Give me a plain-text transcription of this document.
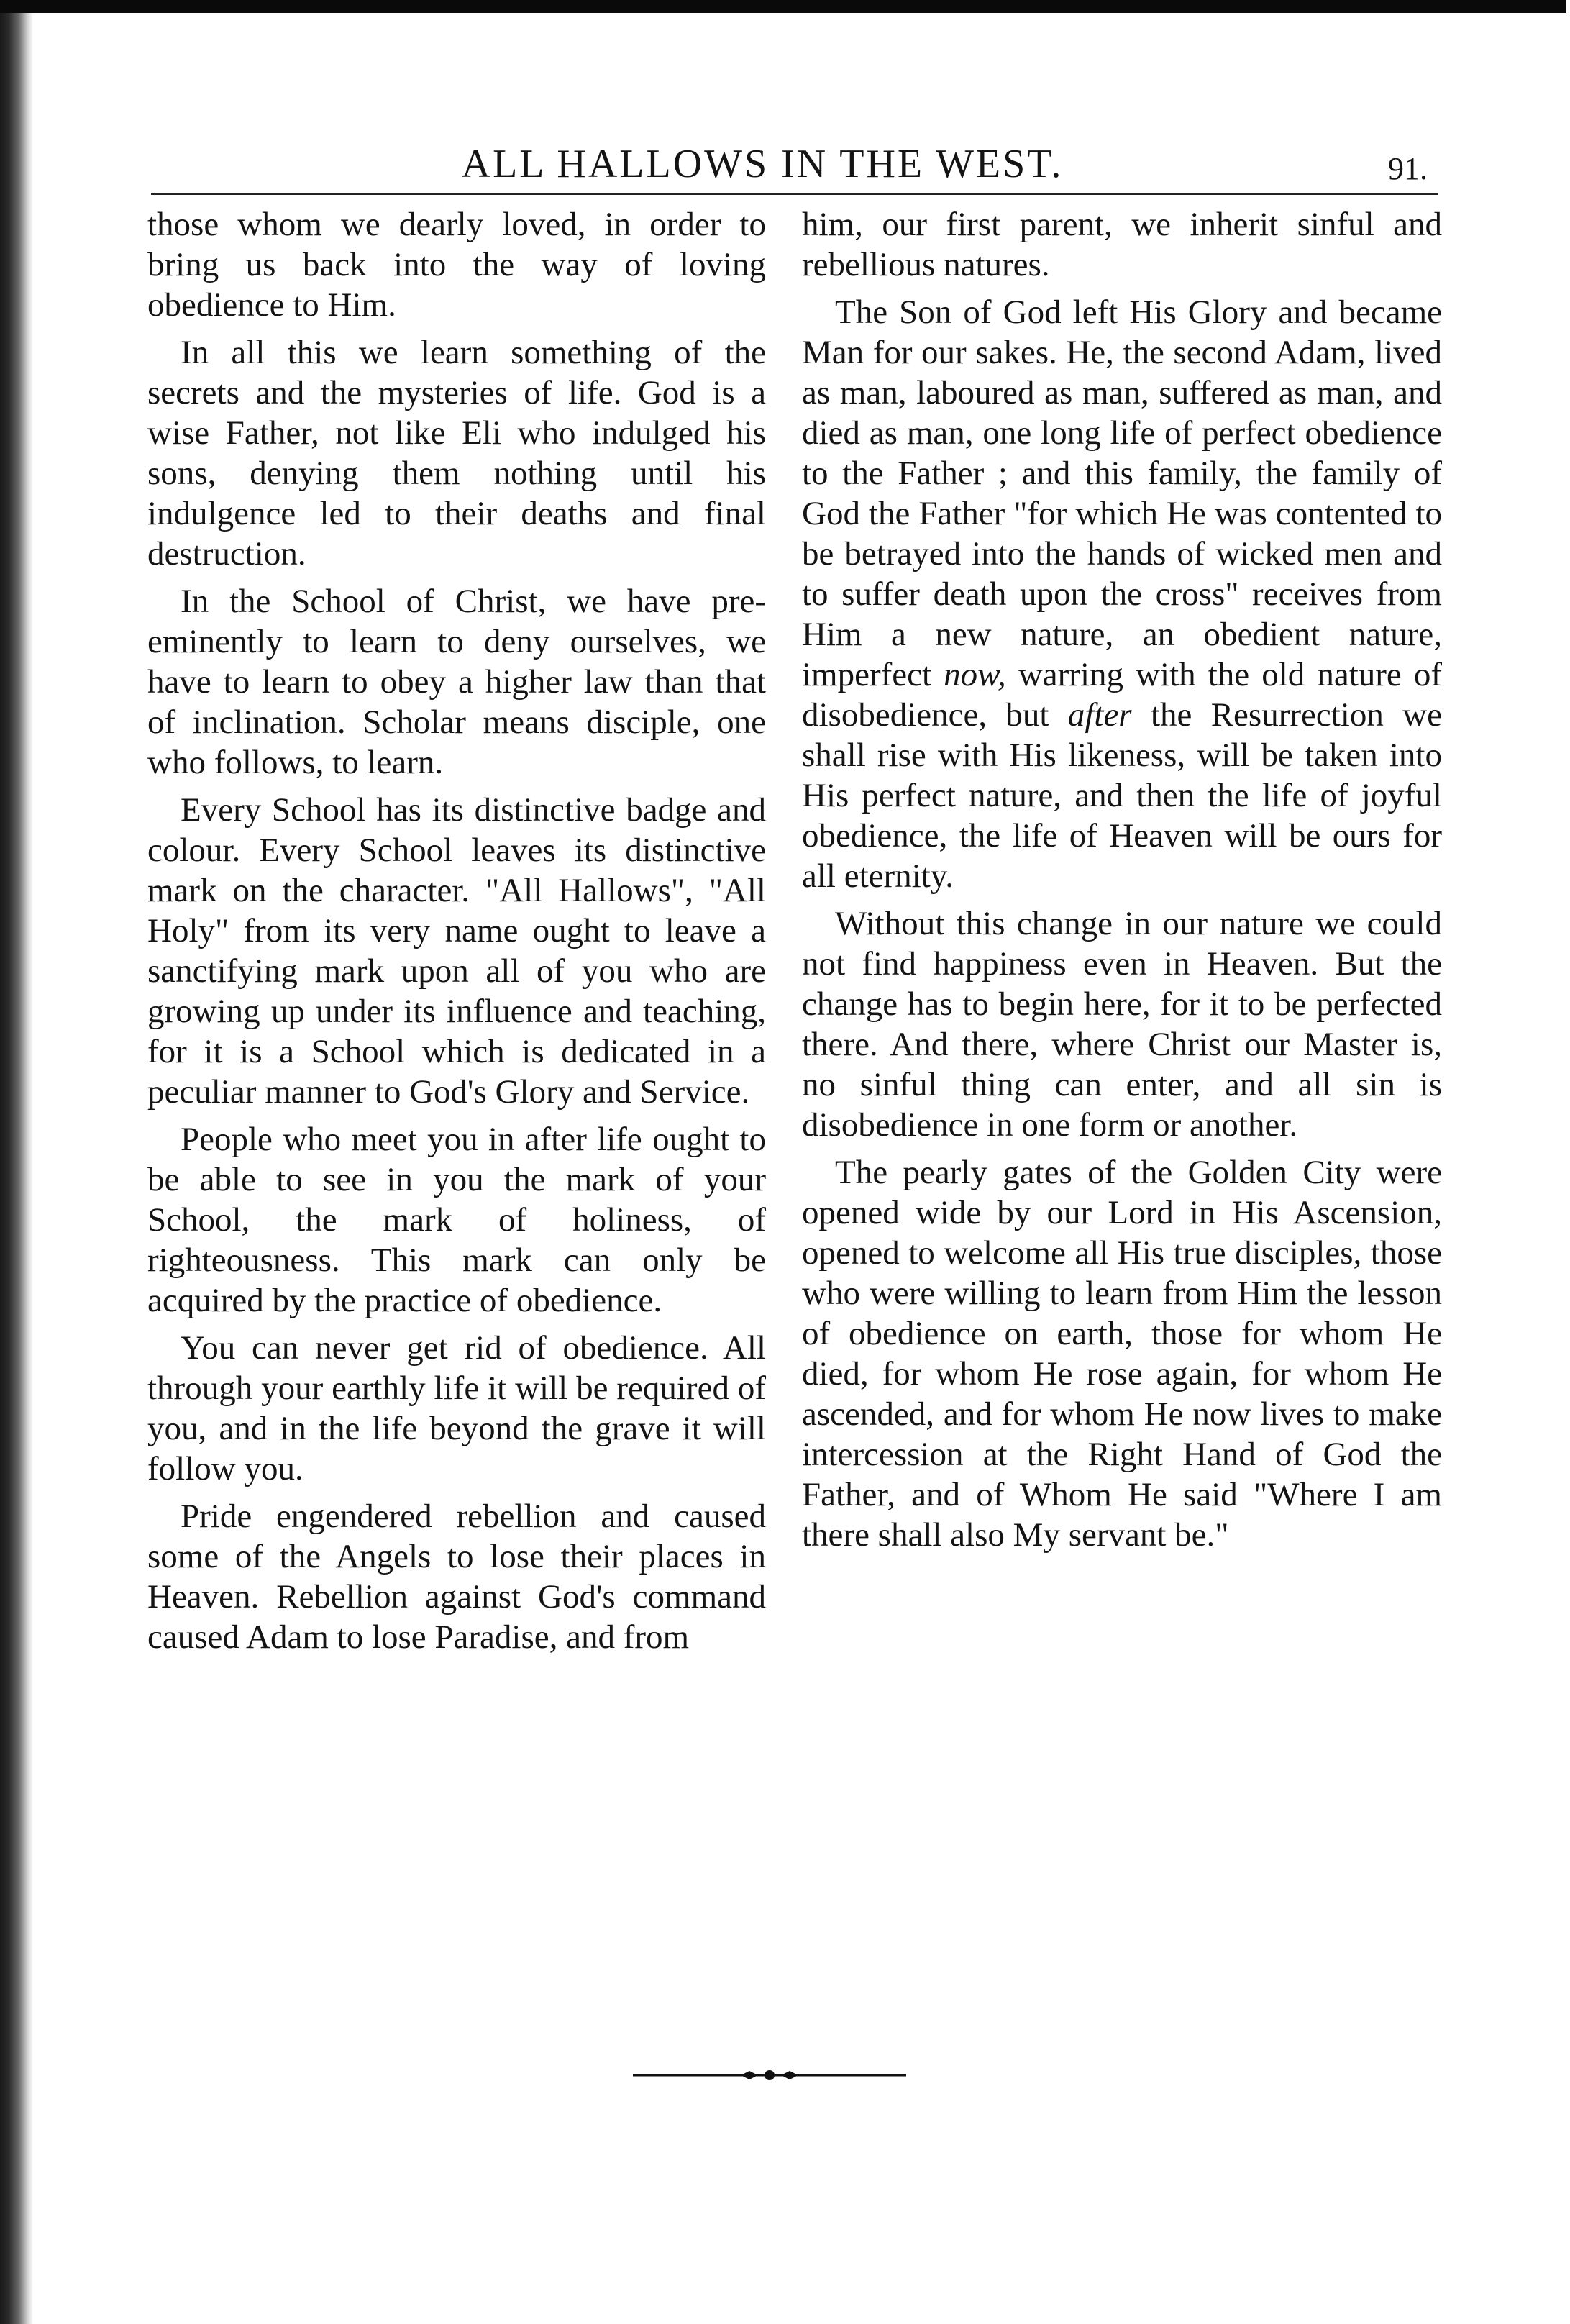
ALL HALLOWS IN THE WEST.	91.

those whom we dearly loved, in order to bring us back into the way of loving obedience to Him.

In all this we learn something of the secrets and the mysteries of life. God is a wise Father, not like Eli who indulged his sons, denying them nothing until his indulgence led to their deaths and final destruction.

In the School of Christ, we have pre-eminently to learn to deny ourselves, we have to learn to obey a higher law than that of inclination. Scholar means disciple, one who follows, to learn.

Every School has its distinctive badge and colour. Every School leaves its distinctive mark on the character. "All Hallows", "All Holy" from its very name ought to leave a sanctifying mark upon all of you who are growing up under its influence and teaching, for it is a School which is dedicated in a peculiar manner to God's Glory and Service.

People who meet you in after life ought to be able to see in you the mark of your School, the mark of holiness, of righteousness. This mark can only be acquired by the practice of obedience.

You can never get rid of obedience. All through your earthly life it will be required of you, and in the life beyond the grave it will follow you.

Pride engendered rebellion and caused some of the Angels to lose their places in Heaven. Rebellion against God's command caused Adam to lose Paradise, and from

him, our first parent, we inherit sinful and rebellious natures.

The Son of God left His Glory and became Man for our sakes. He, the second Adam, lived as man, laboured as man, suffered as man, and died as man, one long life of perfect obedience to the Father ; and this family, the family of God the Father "for which He was contented to be betrayed into the hands of wicked men and to suffer death upon the cross" receives from Him a new nature, an obedient nature, imperfect now, warring with the old nature of disobedience, but after the Resurrection we shall rise with His likeness, will be taken into His perfect nature, and then the life of joyful obedience, the life of Heaven will be ours for all eternity.

Without this change in our nature we could not find happiness even in Heaven. But the change has to begin here, for it to be perfected there. And there, where Christ our Master is, no sinful thing can enter, and all sin is disobedience in one form or another.

The pearly gates of the Golden City were opened wide by our Lord in His Ascension, opened to welcome all His true disciples, those who were willing to learn from Him the lesson of obedience on earth, those for whom He died, for whom He rose again, for whom He ascended, and for whom He now lives to make intercession at the Right Hand of God the Father, and of Whom He said "Where I am there shall also My servant be."
